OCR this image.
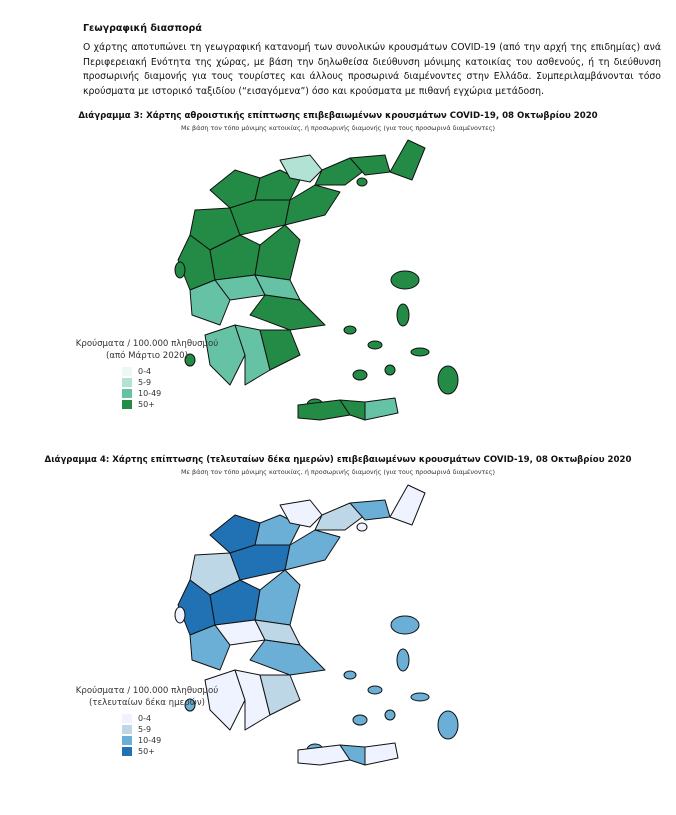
Γεωγραφική διασπορά
Ο χάρτης αποτυπώνει τη γεωγραφική κατανομή των συνολικών κρουσμάτων COVID-19 (από την αρχή της επιδημίας) ανά Περιφερειακή Ενότητα της χώρας, με βάση την δηλωθείσα διεύθυνση μόνιμης κατοικίας του ασθενούς, ή τη διεύθυνση προσωρινής διαμονής για τους τουρίστες και άλλους προσωρινά διαμένοντες στην Ελλάδα. Συμπεριλαμβάνονται τόσο κρούσματα με ιστορικό ταξιδίου (“εισαγόμενα”) όσο και κρούσματα με πιθανή εγχώρια μετάδοση.
Διάγραμμα 3: Χάρτης αθροιστικής επίπτωσης επιβεβαιωμένων κρουσμάτων COVID-19, 08 Οκτωβρίου 2020
Με βάση τον τόπο μόνιμης κατοικίας, ή προσωρινής διαμονής (για τους προσωρινά διαμένοντες)
Κρούσματα / 100.000 πληθυσμού
(από Μάρτιο 2020)
0-4
5-9
10-49
50+
Διάγραμμα 4: Χάρτης επίπτωσης (τελευταίων δέκα ημερών) επιβεβαιωμένων κρουσμάτων COVID-19, 08 Οκτωβρίου 2020
Με βάση τον τόπο μόνιμης κατοικίας, ή προσωρινής διαμονής (για τους προσωρινά διαμένοντες)
Κρούσματα / 100.000 πληθυσμού
(τελευταίων δέκα ημερών)
0-4
5-9
10-49
50+
